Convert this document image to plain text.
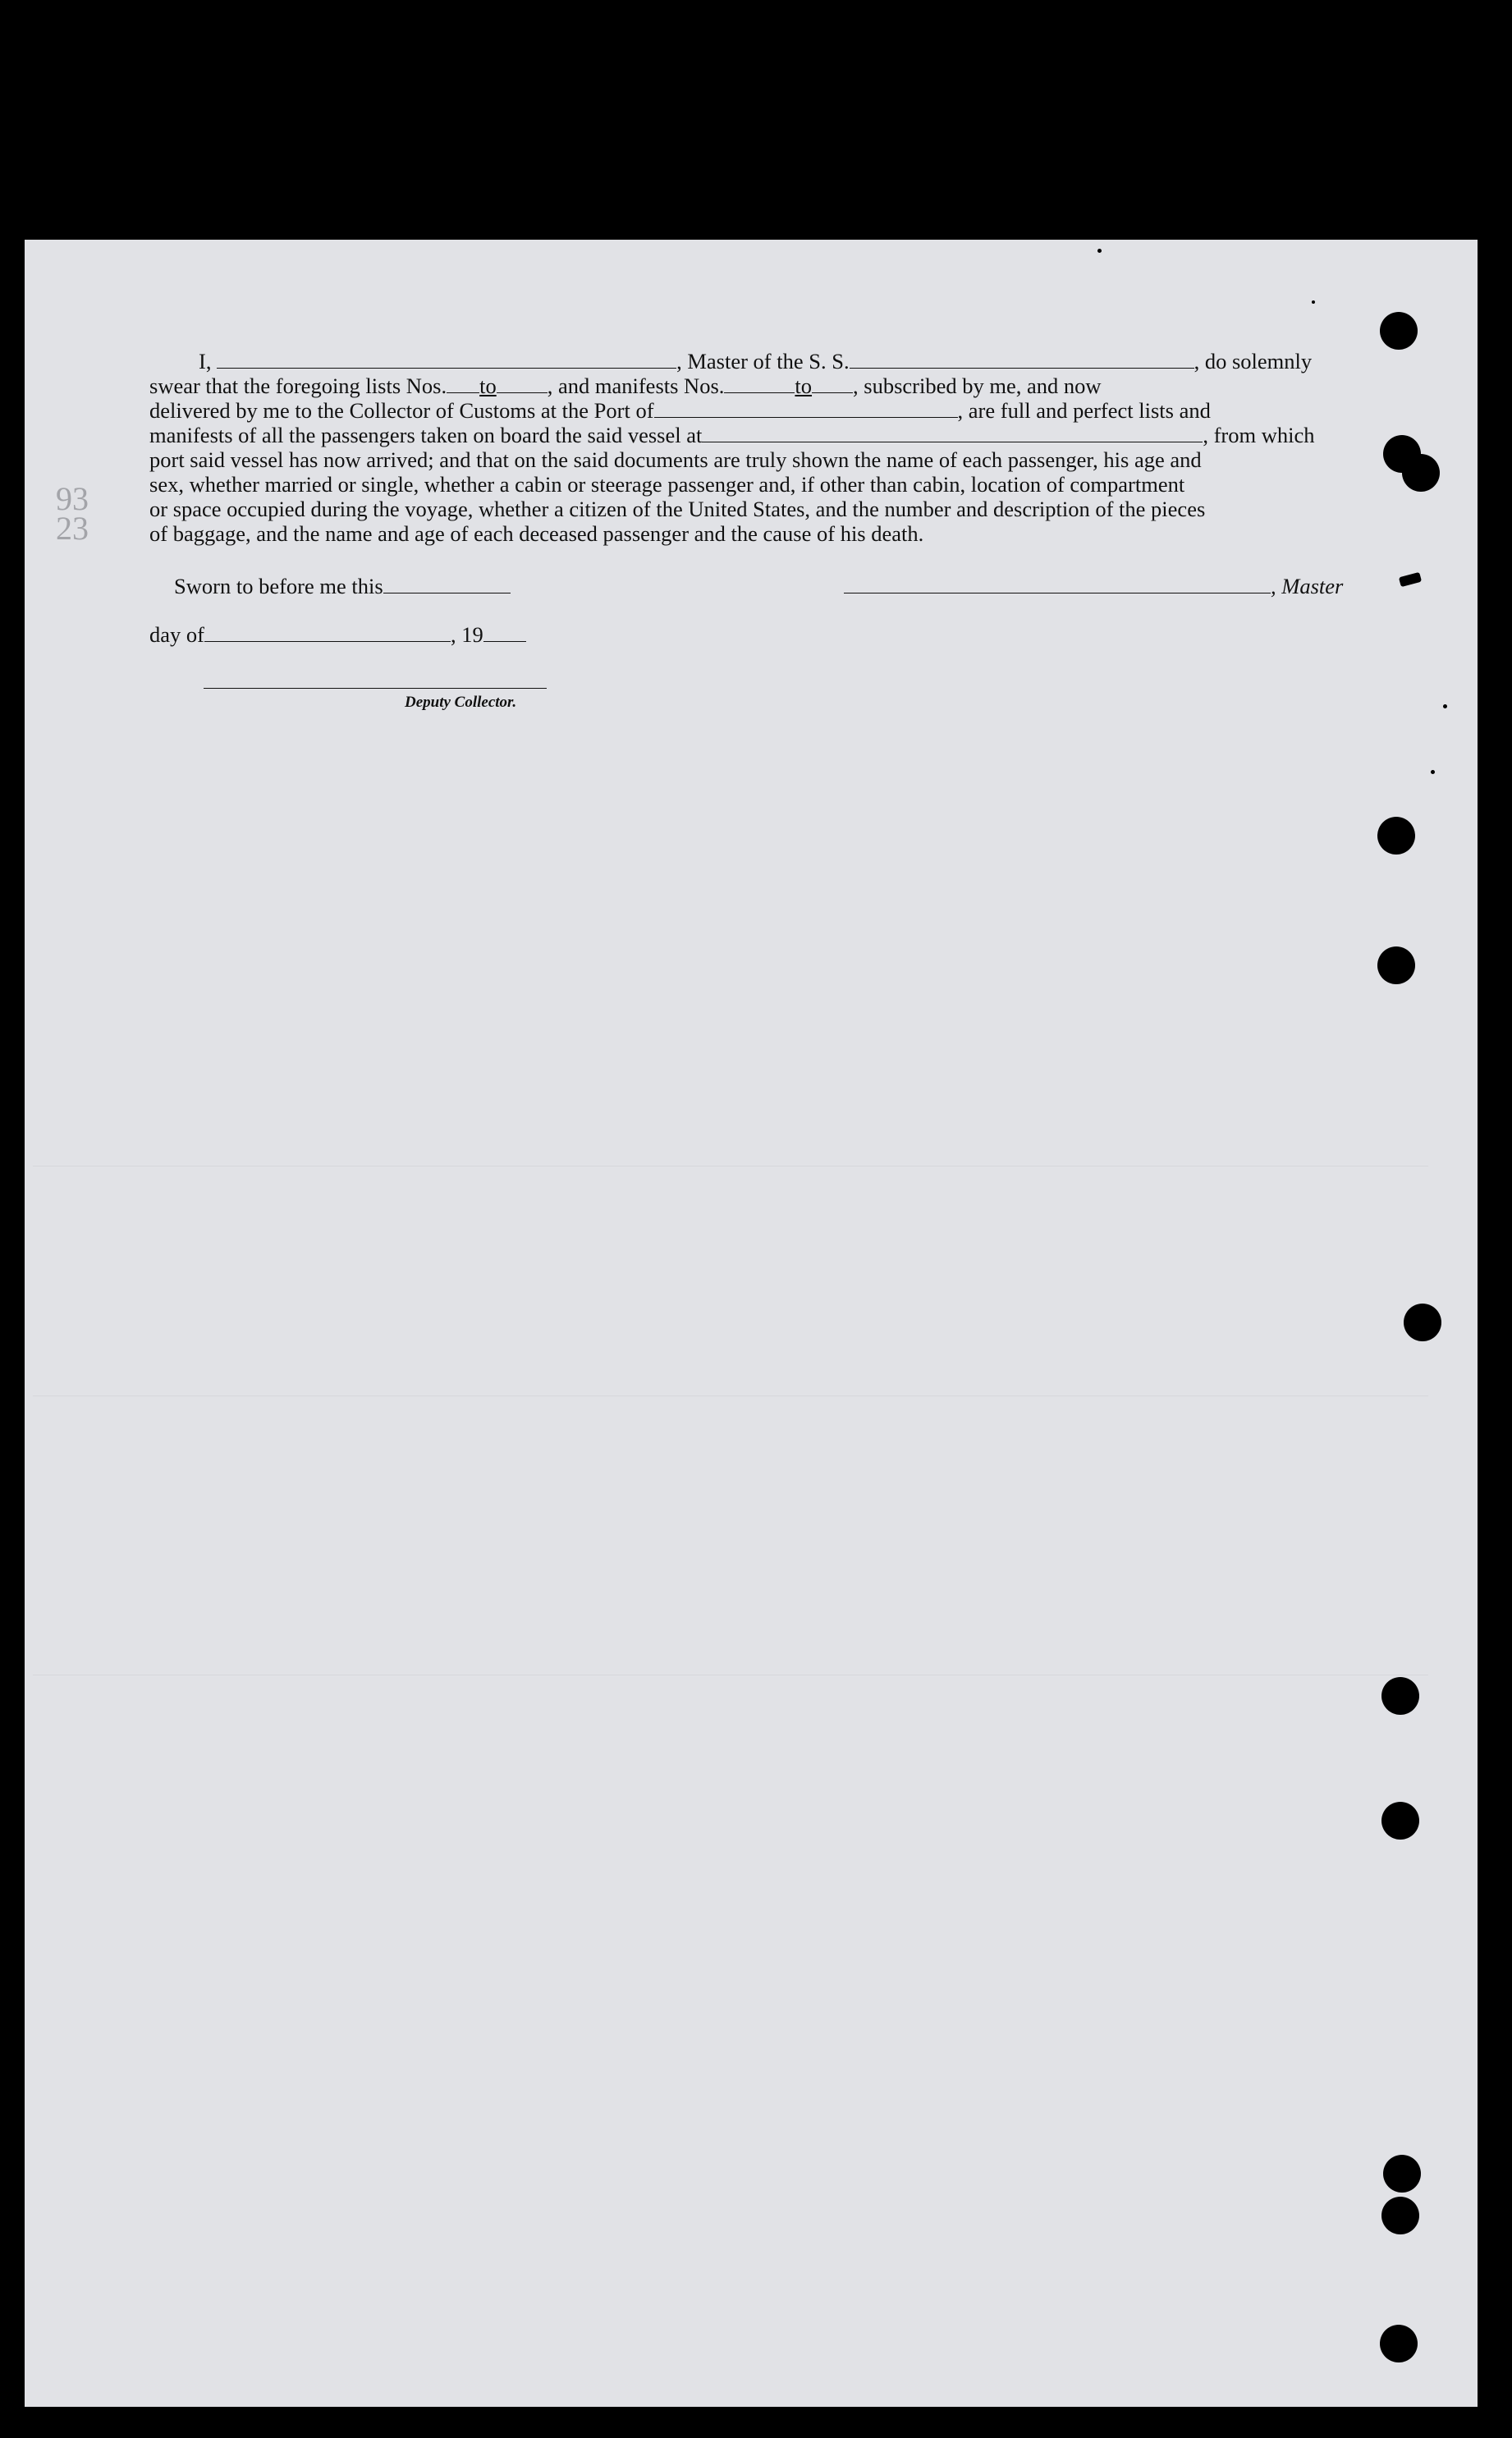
93
23

I,	, Master of the S. S.	, do solemnly

swear that the foregoing lists Nos. to , and manifests Nos.	to , subscribed by me, and now

delivered by me to the Collector of Customs at the Port of	, are full and perfect lists and

manifests of all the passengers taken on board the said vessel at	, from which

port said vessel has now arrived; and that on the said documents are truly shown the name of each passenger, his age and

sex, whether married or single, whether a cabin or steerage passenger and, if other than cabin, location of compartment

or space occupied during the voyage, whether a citizen of the United States, and the number and description of the pieces

of baggage, and the name and age of each deceased passenger and the cause of his death.

Sworn to before me this	, Master
day of	, 19
Deputy Collector.
